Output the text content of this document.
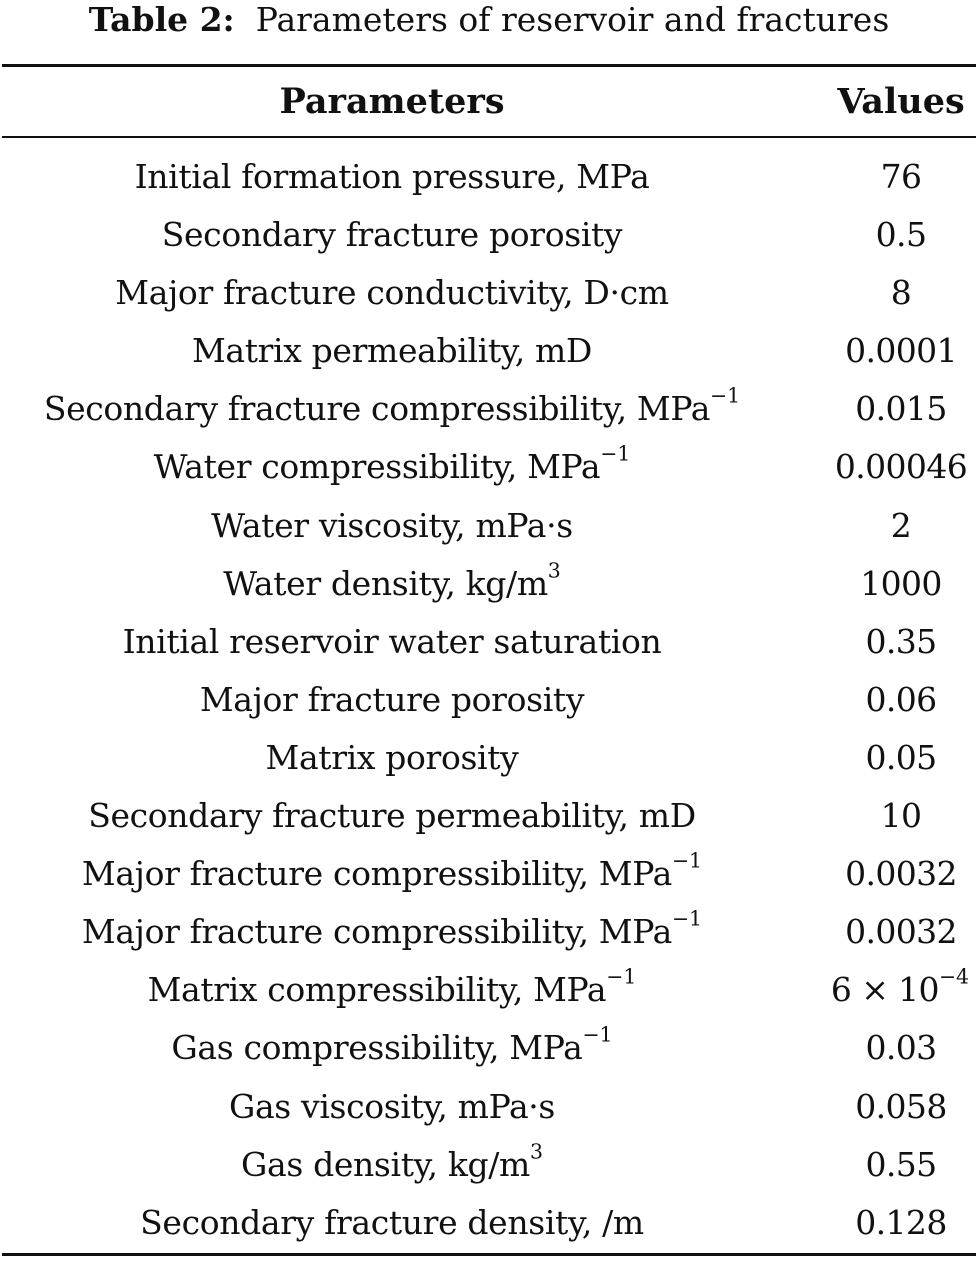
Table 2: Parameters of reservoir and fractures
Parameters	Values
Initial formation pressure, MPa	76
Secondary fracture porosity	0.5
Major fracture conductivity, D·cm	8
Matrix permeability, mD	0.0001
Secondary fracture compressibility, MPa$^{-1}$	0.015
Water compressibility, MPa$^{-1}$	0.00046
Water viscosity, mPa·s	2
Water density, $kg/m^3$	1000
Initial reservoir water saturation	0.35
Major fracture porosity	0.06
Matrix porosity	0.05
Secondary fracture permeability, mD	10
Major fracture compressibility, MPa$^{-1}$	0.0032
Major fracture compressibility, MPa$^{-1}$	0.0032
Matrix compressibility, MPa$^{-1}$	$6 \times 10^{-4}$
Gas compressibility, MPa$^{-1}$	0.03
Gas viscosity, mPa·s	0.058
Gas density, $kg/m^3$	0.55
Secondary fracture density, /m	0.128
